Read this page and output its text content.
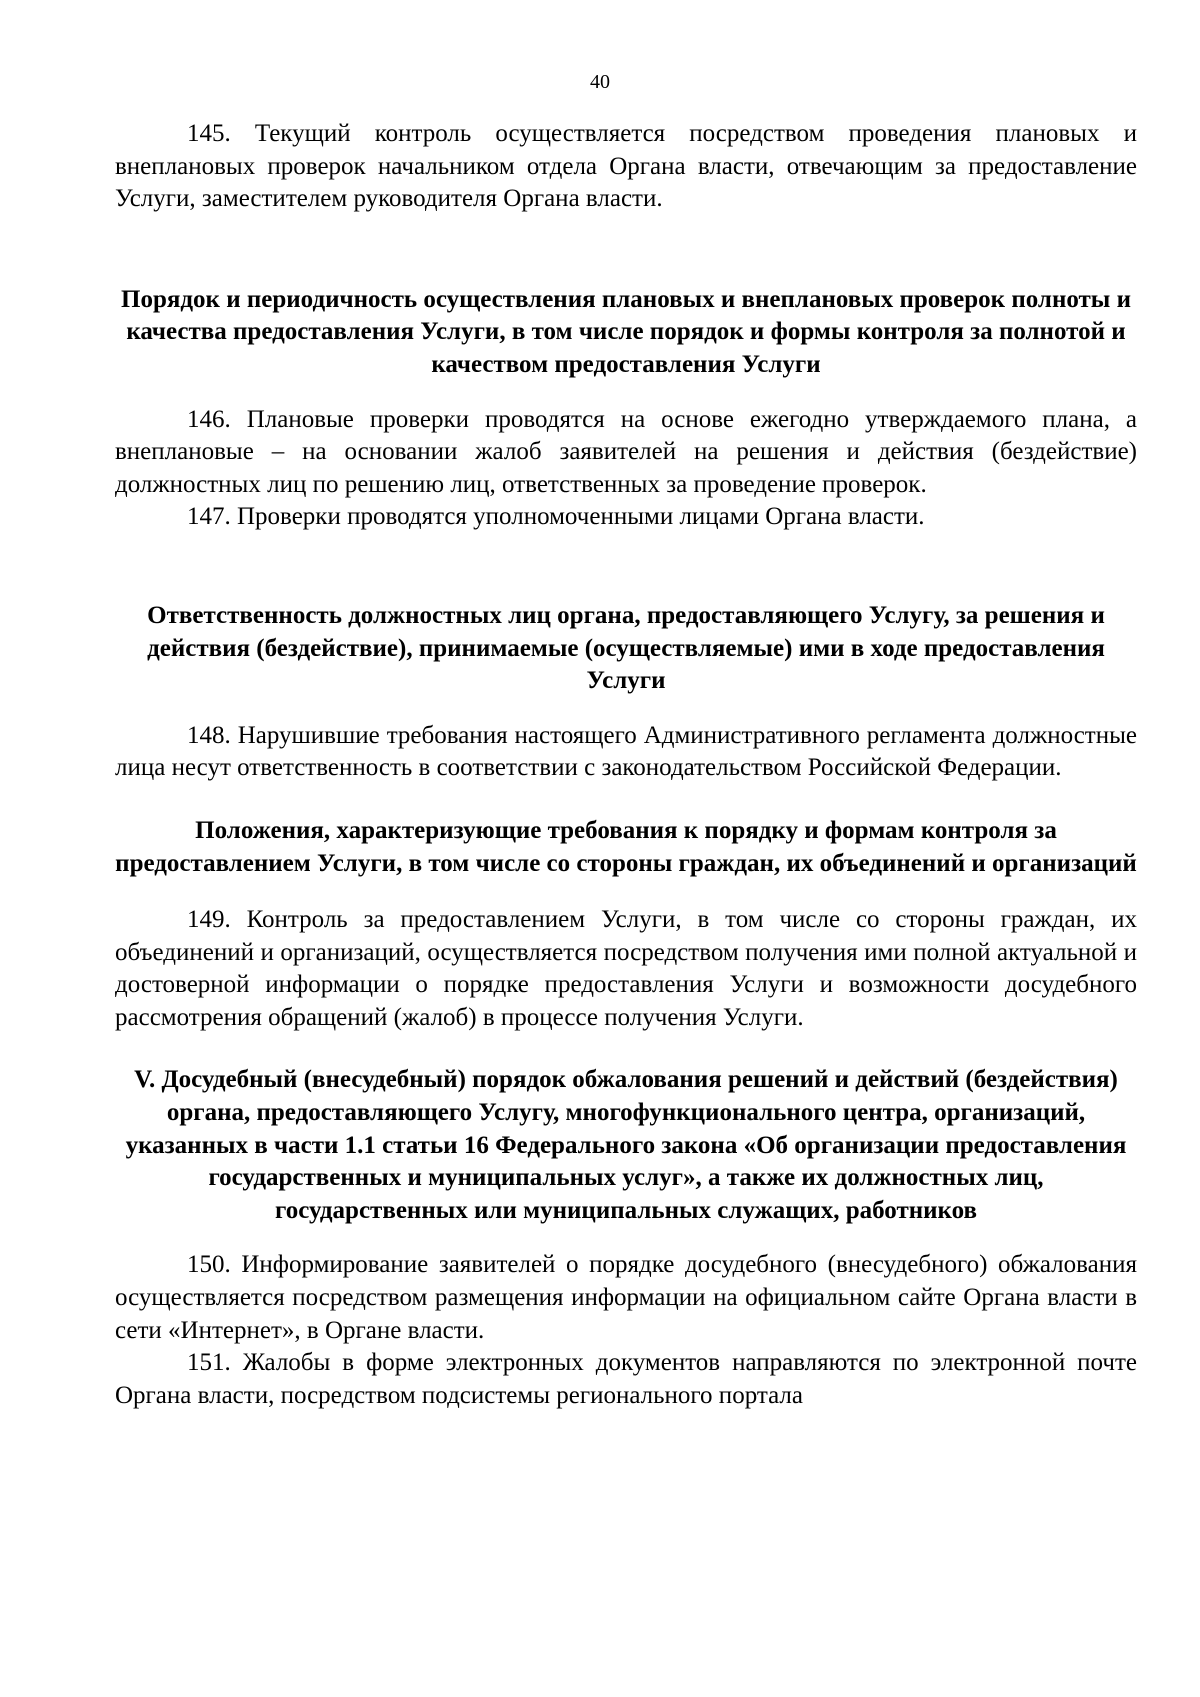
40

145. Текущий контроль осуществляется посредством проведения плановых и внеплановых проверок начальником отдела Органа власти, отвечающим за предоставление Услуги, заместителем руководителя Органа власти.

Порядок и периодичность осуществления плановых и внеплановых проверок полноты и качества предоставления Услуги, в том числе порядок и формы контроля за полнотой и качеством предоставления Услуги

146. Плановые проверки проводятся на основе ежегодно утверждаемого плана, а внеплановые – на основании жалоб заявителей на решения и действия (бездействие) должностных лиц по решению лиц, ответственных за проведение проверок.

147. Проверки проводятся уполномоченными лицами Органа власти.

Ответственность должностных лиц органа, предоставляющего Услугу, за решения и действия (бездействие), принимаемые (осуществляемые) ими в ходе предоставления Услуги

148. Нарушившие требования настоящего Административного регламента должностные лица несут ответственность в соответствии с законодательством Российской Федерации.

Положения, характеризующие требования к порядку и формам контроля за предоставлением Услуги, в том числе со стороны граждан, их объединений и организаций

149. Контроль за предоставлением Услуги, в том числе со стороны граждан, их объединений и организаций, осуществляется посредством получения ими полной актуальной и достоверной информации о порядке предоставления Услуги и возможности досудебного рассмотрения обращений (жалоб) в процессе получения Услуги.

V. Досудебный (внесудебный) порядок обжалования решений и действий (бездействия) органа, предоставляющего Услугу, многофункционального центра, организаций, указанных в части 1.1 статьи 16 Федерального закона «Об организации предоставления государственных и муниципальных услуг», а также их должностных лиц, государственных или муниципальных служащих, работников

150. Информирование заявителей о порядке досудебного (внесудебного) обжалования осуществляется посредством размещения информации на официальном сайте Органа власти в сети «Интернет», в Органе власти.

151. Жалобы в форме электронных документов направляются по электронной почте Органа власти, посредством подсистемы регионального портала
